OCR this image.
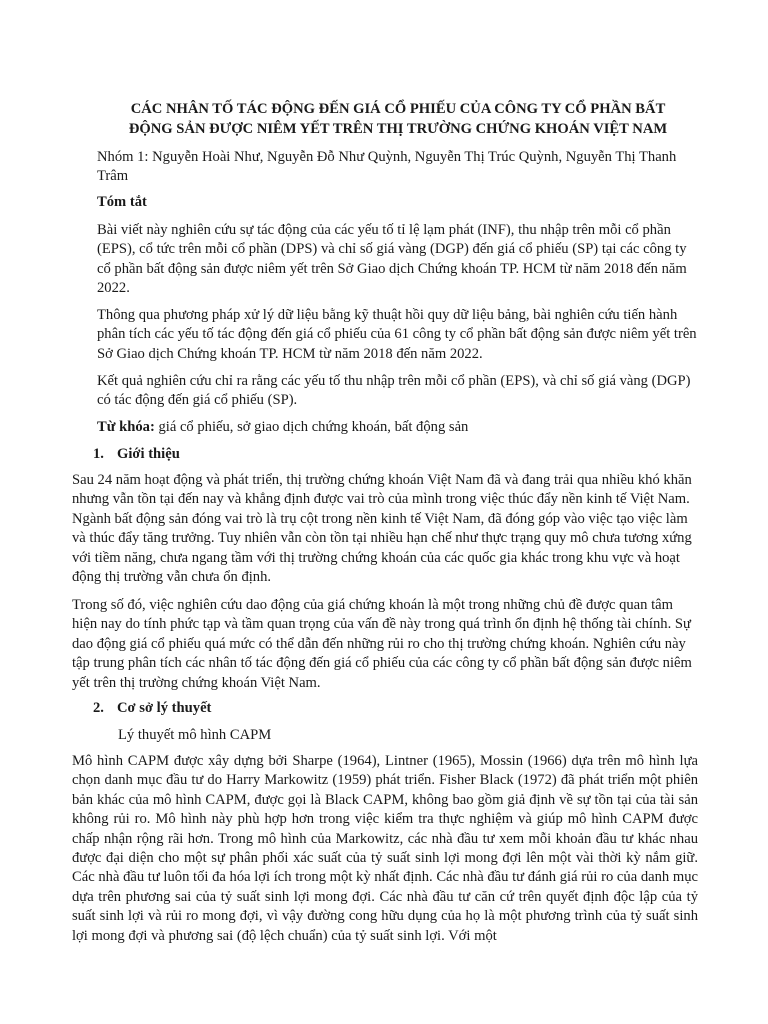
CÁC NHÂN TỐ TÁC ĐỘNG ĐẾN GIÁ CỔ PHIẾU CỦA CÔNG TY CỔ PHẦN BẤT
ĐỘNG SẢN ĐƯỢC NIÊM YẾT TRÊN THỊ TRƯỜNG CHỨNG KHOÁN VIỆT NAM

Nhóm 1: Nguyễn Hoài Như, Nguyễn Đỗ Như Quỳnh, Nguyễn Thị Trúc Quỳnh, Nguyễn Thị Thanh Trâm

Tóm tắt

Bài viết này nghiên cứu sự tác động của các yếu tố tỉ lệ lạm phát (INF), thu nhập trên mỗi cổ phần (EPS), cổ tức trên mỗi cổ phần (DPS) và chỉ số giá vàng (DGP) đến giá cổ phiếu (SP) tại các công ty cổ phần bất động sản được niêm yết trên Sở Giao dịch Chứng khoán TP. HCM từ năm 2018 đến năm 2022.

Thông qua phương pháp xử lý dữ liệu bằng kỹ thuật hồi quy dữ liệu bảng, bài nghiên cứu tiến hành phân tích các yếu tố tác động đến giá cổ phiếu của 61 công ty cổ phần bất động sản được niêm yết trên Sở Giao dịch Chứng khoán TP. HCM từ năm 2018 đến năm 2022.

Kết quả nghiên cứu chỉ ra rằng các yếu tố thu nhập trên mỗi cổ phần (EPS), và chỉ số giá vàng (DGP) có tác động đến giá cổ phiếu (SP).

Từ khóa: giá cổ phiếu, sở giao dịch chứng khoán, bất động sản

1. Giới thiệu

Sau 24 năm hoạt động và phát triển, thị trường chứng khoán Việt Nam đã và đang trải qua nhiều khó khăn nhưng vẫn tồn tại đến nay và khẳng định được vai trò của mình trong việc thúc đẩy nền kinh tế Việt Nam. Ngành bất động sản đóng vai trò là trụ cột trong nền kinh tế Việt Nam, đã đóng góp vào việc tạo việc làm và thúc đẩy tăng trưởng. Tuy nhiên vẫn còn tồn tại nhiều hạn chế như thực trạng quy mô chưa tương xứng với tiềm năng, chưa ngang tầm với thị trường chứng khoán của các quốc gia khác trong khu vực và hoạt động thị trường vẫn chưa ổn định.

Trong số đó, việc nghiên cứu dao động của giá chứng khoán là một trong những chủ đề được quan tâm hiện nay do tính phức tạp và tầm quan trọng của vấn đề này trong quá trình ổn định hệ thống tài chính. Sự dao động giá cổ phiếu quá mức có thể dẫn đến những rủi ro cho thị trường chứng khoán. Nghiên cứu này tập trung phân tích các nhân tố tác động đến giá cổ phiếu của các công ty cổ phần bất động sản được niêm yết trên thị trường chứng khoán Việt Nam.

2. Cơ sở lý thuyết

Lý thuyết mô hình CAPM

Mô hình CAPM được xây dựng bởi Sharpe (1964), Lintner (1965), Mossin (1966) dựa trên mô hình lựa chọn danh mục đầu tư do Harry Markowitz (1959) phát triển. Fisher Black (1972) đã phát triển một phiên bản khác của mô hình CAPM, được gọi là Black CAPM, không bao gồm giả định về sự tồn tại của tài sản không rủi ro. Mô hình này phù hợp hơn trong việc kiểm tra thực nghiệm và giúp mô hình CAPM được chấp nhận rộng rãi hơn. Trong mô hình của Markowitz, các nhà đầu tư xem mỗi khoản đầu tư khác nhau được đại diện cho một sự phân phối xác suất của tỷ suất sinh lợi mong đợi lên một vài thời kỳ nắm giữ. Các nhà đầu tư luôn tối đa hóa lợi ích trong một kỳ nhất định. Các nhà đầu tư đánh giá rủi ro của danh mục dựa trên phương sai của tỷ suất sinh lợi mong đợi. Các nhà đầu tư căn cứ trên quyết định độc lập của tỷ suất sinh lợi và rủi ro mong đợi, vì vậy đường cong hữu dụng của họ là một phương trình của tỷ suất sinh lợi mong đợi và phương sai (độ lệch chuẩn) của tỷ suất sinh lợi. Với một
